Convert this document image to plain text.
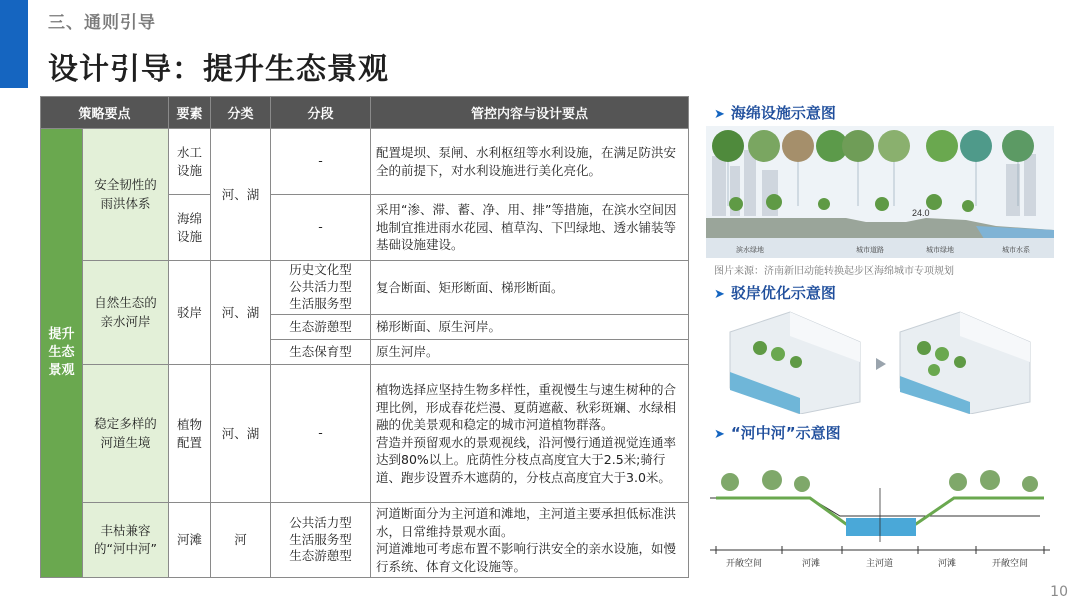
三、通则引导
设计引导：提升生态景观
策略要点		要素	分类	分段	管控内容与设计要点

提升生态景观	安全韧性的雨洪体系	水工设施	河、湖	-	配置堤坝、泵闸、水利枢纽等水利设施，在满足防洪安全的前提下，对水利设施进行美化亮化。

		海绵设施		-	采用“渗、滞、蓄、净、用、排”等措施，在滨水空间因地制宜推进雨水花园、植草沟、下凹绿地、透水铺装等基础设施建设。
	自然生态的亲水河岸	驳岸	河、湖	历史文化型
公共活力型
生活服务型	复合断面、矩形断面、梯形断面。
				生态游憩型	梯形断面、原生河岸。
				生态保育型	原生河岸。
	稳定多样的河道生境	植物配置	河、湖	-	植物选择应坚持生物多样性，重视慢生与速生树种的合理比例，形成春花烂漫、夏荫遮蔽、秋彩斑斓、水绿相融的优美景观和稳定的城市河道植物群落。
营造并预留观水的景观视线，沿河慢行通道视觉连通率达到80%以上。庇荫性分枝点高度宜大于2.5米;骑行道、跑步设置乔木遮荫的，分枝点高度宜大于3.0米。

	丰枯兼容的“河中河”	河滩	河	公共活力型
生活服务型
生态游憩型	河道断面分为主河道和滩地，主河道主要承担低标准洪水，日常维持景观水面。
河道滩地可考虑布置不影响行洪安全的亲水设施，如慢行系统、体育文化设施等。
➤ 海绵设施示意图
24.0
滨水绿地	城市道路	城市绿地	城市水系
图片来源：济南新旧动能转换起步区海绵城市专项规划
➤ 驳岸优化示意图
➤ “河中河”示意图
开敞空间	河滩	主河道	河滩	开敞空间
10
